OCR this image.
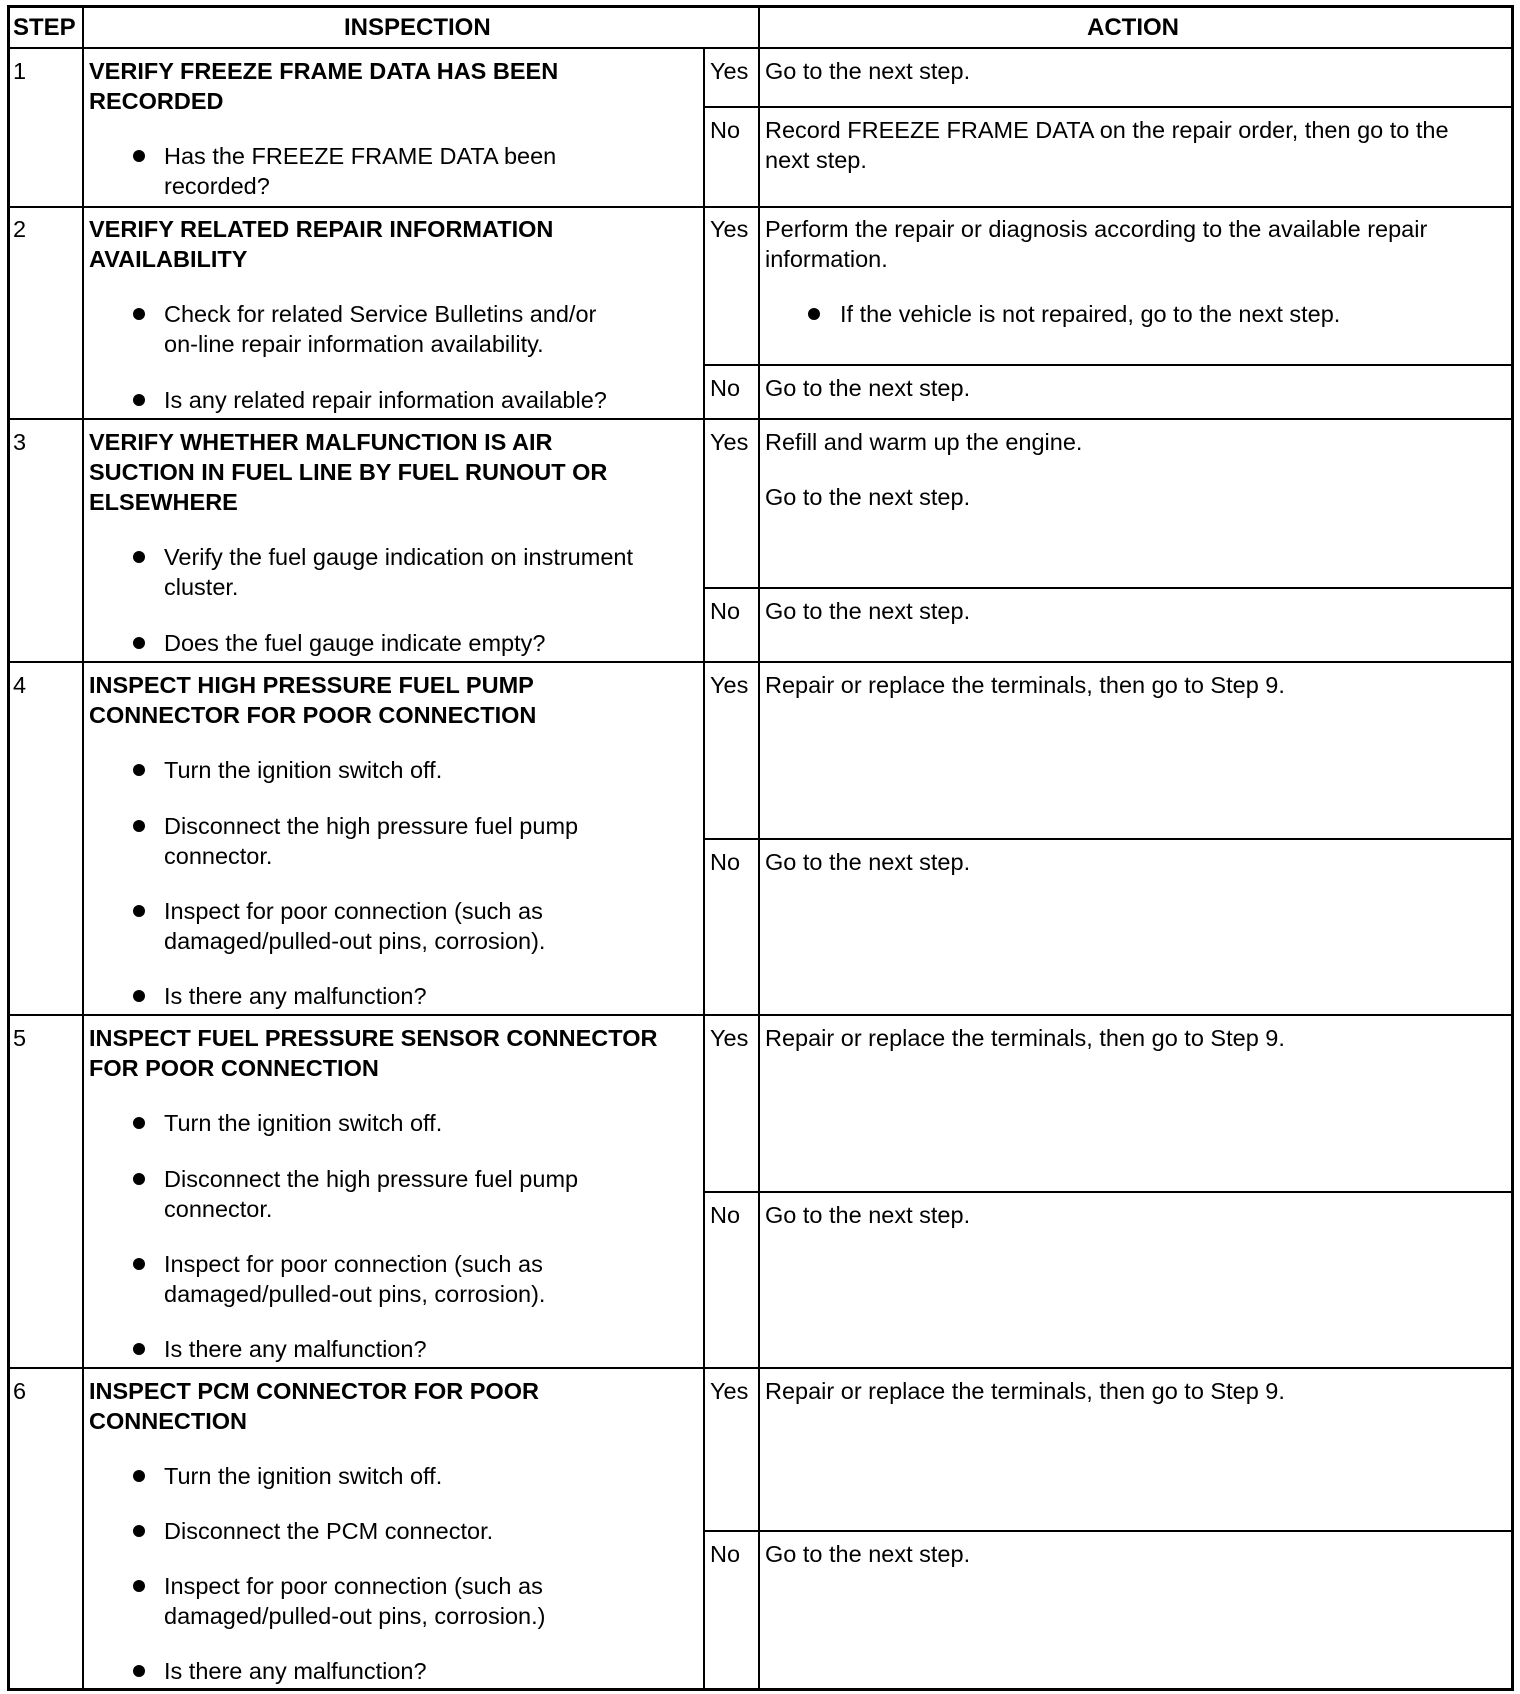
STEP	INSPECTION	ACTION
1	VERIFY FREEZE FRAME DATA HAS BEEN
RECORDED
Has the FREEZE FRAME DATA been
recorded?
Yes Go to the next step.
No Record FREEZE FRAME DATA on the repair order, then go to the
next step.
2	VERIFY RELATED REPAIR INFORMATION
AVAILABILITY
Check for related Service Bulletins and/or
on-line repair information availability.
Is any related repair information available?
Yes Perform the repair or diagnosis according to the available repair
information.
If the vehicle is not repaired, go to the next step.
No Go to the next step.
3	VERIFY WHETHER MALFUNCTION IS AIR
SUCTION IN FUEL LINE BY FUEL RUNOUT OR
ELSEWHERE
Verify the fuel gauge indication on instrument
cluster.
Does the fuel gauge indicate empty?
Yes Refill and warm up the engine.
Go to the next step.
No Go to the next step.
4	INSPECT HIGH PRESSURE FUEL PUMP
CONNECTOR FOR POOR CONNECTION
Turn the ignition switch off.
Disconnect the high pressure fuel pump
connector.
Inspect for poor connection (such as
damaged/pulled-out pins, corrosion).
Is there any malfunction?
Yes Repair or replace the terminals, then go to Step 9.
No Go to the next step.
5	INSPECT FUEL PRESSURE SENSOR CONNECTOR
FOR POOR CONNECTION
Turn the ignition switch off.
Disconnect the high pressure fuel pump
connector.
Inspect for poor connection (such as
damaged/pulled-out pins, corrosion).
Is there any malfunction?
Yes Repair or replace the terminals, then go to Step 9.
No Go to the next step.
6	INSPECT PCM CONNECTOR FOR POOR
CONNECTION
Turn the ignition switch off.
Disconnect the PCM connector.
Inspect for poor connection (such as
damaged/pulled-out pins, corrosion.)
Is there any malfunction?
Yes Repair or replace the terminals, then go to Step 9.
No Go to the next step.
